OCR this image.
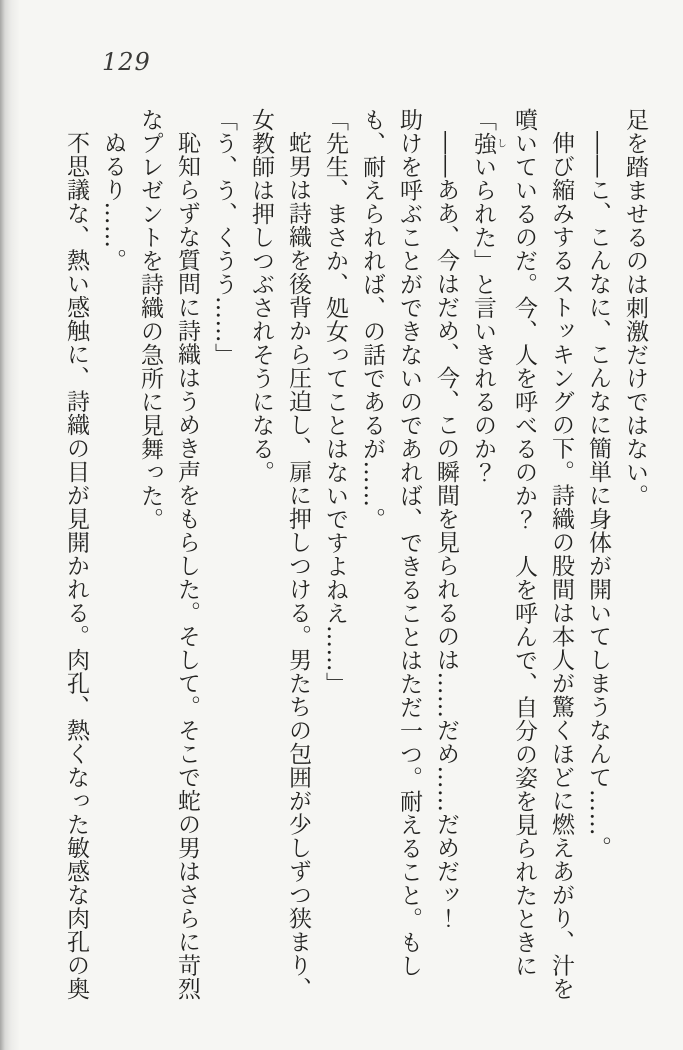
129
足を踏ませるのは刺激だけではない。
――こ、こんなに、こんなに簡単に身体が開いてしまうなんて……。
伸び縮みするストッキングの下。詩織の股間は本人が驚くほどに燃えあがり、汁を
噴いているのだ。今、人を呼べるのか？　人を呼んで、自分の姿を見られたときに
「強しいられた」と言いきれるのか？
――ああ、今はだめ、今、この瞬間を見られるのは……だめ……だめだッ！
助けを呼ぶことができないのであれば、できることはただ一つ。耐えること。もし
も、耐えられれば、の話であるが……。
「先生、まさか、処女ってことはないですよねえ……」
蛇男は詩織を後背から圧迫し、扉に押しつける。男たちの包囲が少しずつ狭まり、
女教師は押しつぶされそうになる。
「う、う、くうう……」
恥知らずな質問に詩織はうめき声をもらした。そして。そこで蛇の男はさらに苛烈
なプレゼントを詩織の急所に見舞った。
ぬるり……。
不思議な、熱い感触に、詩織の目が見開かれる。肉孔、熱くなった敏感な肉孔の奥
